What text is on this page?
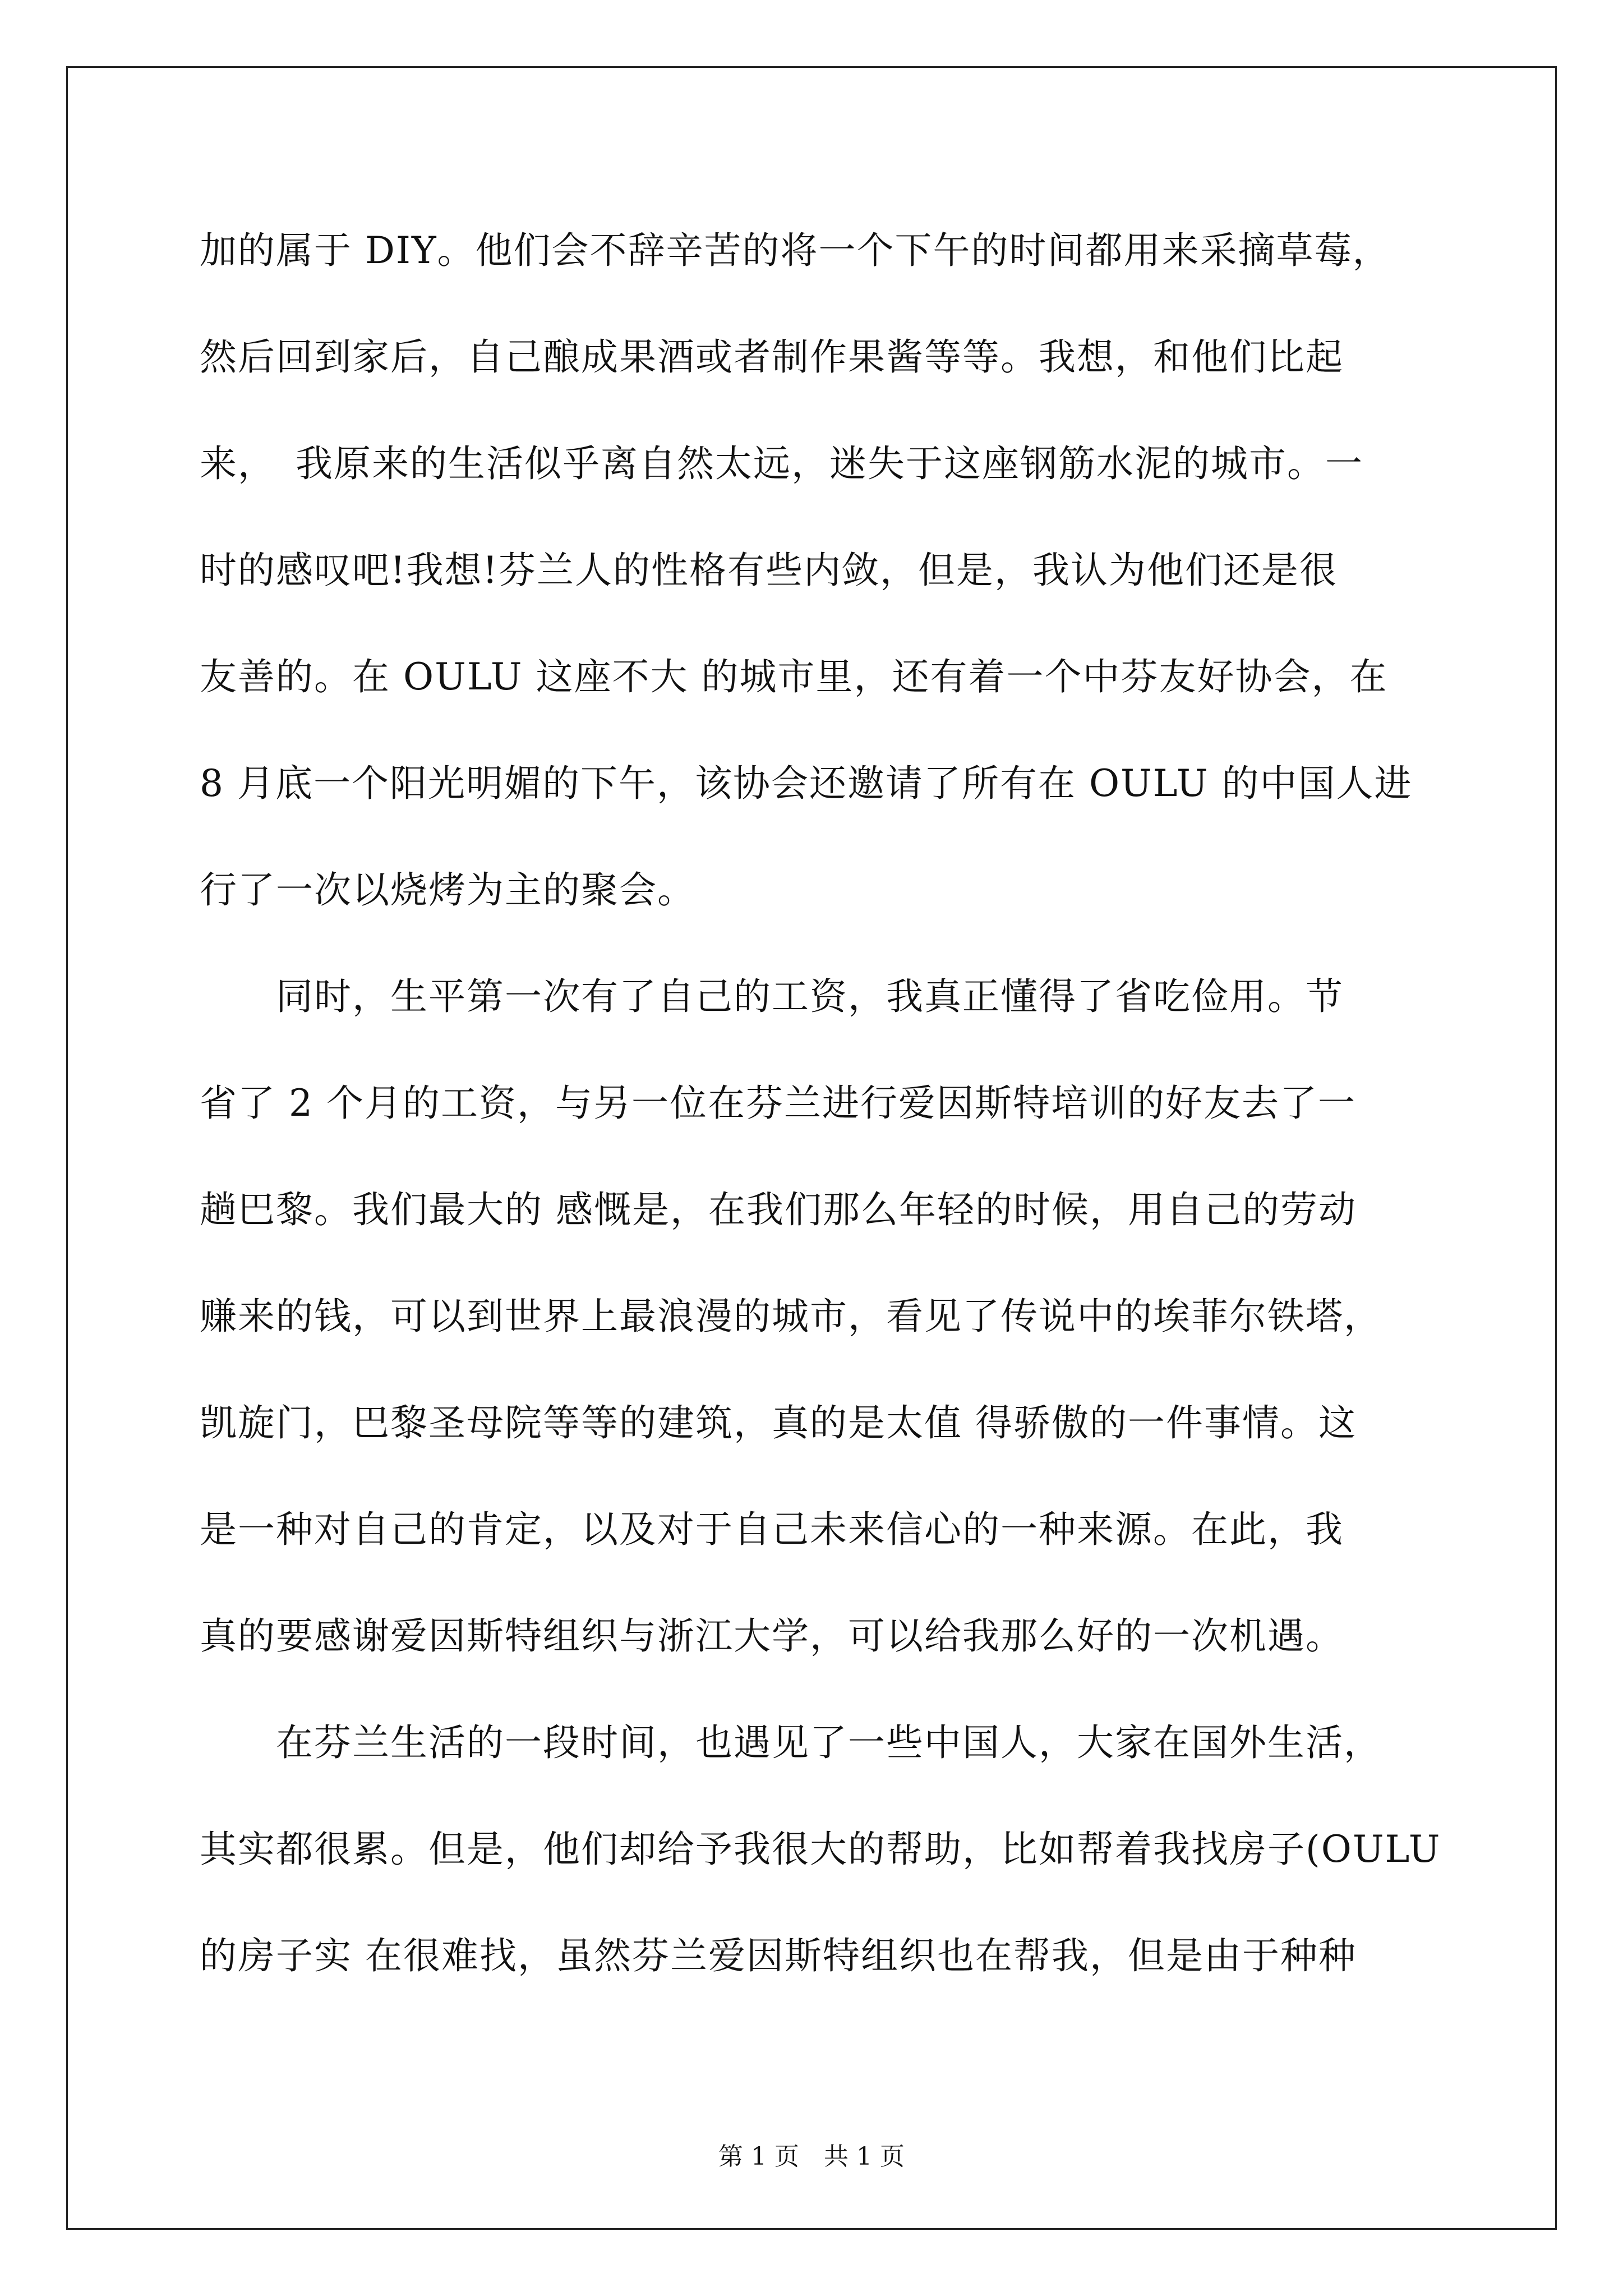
加的属于 DIY。他们会不辞辛苦的将一个下午的时间都用来采摘草莓，
然后回到家后，自己酿成果酒或者制作果酱等等。我想，和他们比起
来，　我原来的生活似乎离自然太远，迷失于这座钢筋水泥的城市。一
时的感叹吧!我想!芬兰人的性格有些内敛，但是，我认为他们还是很
友善的。在 OULU 这座不大 的城市里，还有着一个中芬友好协会，在
8 月底一个阳光明媚的下午，该协会还邀请了所有在 OULU 的中国人进
行了一次以烧烤为主的聚会。
　　同时，生平第一次有了自己的工资，我真正懂得了省吃俭用。节
省了 2 个月的工资，与另一位在芬兰进行爱因斯特培训的好友去了一
趟巴黎。我们最大的 感慨是，在我们那么年轻的时候，用自己的劳动
赚来的钱，可以到世界上最浪漫的城市，看见了传说中的埃菲尔铁塔，
凯旋门，巴黎圣母院等等的建筑，真的是太值 得骄傲的一件事情。这
是一种对自己的肯定，以及对于自己未来信心的一种来源。在此，我
真的要感谢爱因斯特组织与浙江大学，可以给我那么好的一次机遇。
　　在芬兰生活的一段时间，也遇见了一些中国人，大家在国外生活，
其实都很累。但是，他们却给予我很大的帮助，比如帮着我找房子(OULU
的房子实 在很难找，虽然芬兰爱因斯特组织也在帮我，但是由于种种
第 1 页　共 1 页
